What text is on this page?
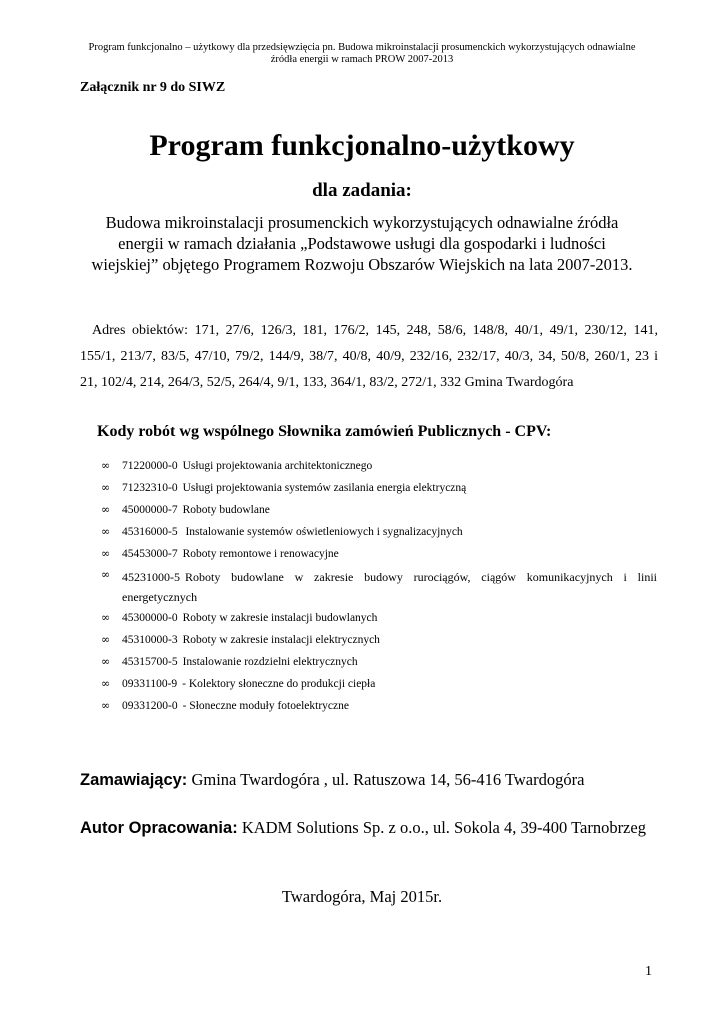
Program funkcjonalno – użytkowy dla przedsięwzięcia pn. Budowa mikroinstalacji prosumenckich wykorzystujących odnawialne
źródła energii w ramach PROW 2007-2013
Załącznik nr 9 do SIWZ
Program funkcjonalno-użytkowy
dla zadania:
Budowa mikroinstalacji prosumenckich wykorzystujących odnawialne źródła
energii w ramach działania „Podstawowe usługi dla gospodarki i ludności
wiejskiej” objętego Programem Rozwoju Obszarów Wiejskich na lata 2007-2013.
Adres obiektów: 171, 27/6, 126/3, 181, 176/2, 145, 248, 58/6, 148/8, 40/1, 49/1, 230/12, 141,
155/1, 213/7, 83/5, 47/10, 79/2, 144/9, 38/7, 40/8, 40/9, 232/16, 232/17, 40/3, 34, 50/8, 260/1, 23 i
21, 102/4, 214, 264/3, 52/5, 264/4, 9/1, 133, 364/1, 83/2, 272/1, 332 Gmina Twardogóra
Kody robót wg wspólnego Słownika zamówień Publicznych - CPV:
∞ 71220000-0 Usługi projektowania architektonicznego
∞ 71232310-0 Usługi projektowania systemów zasilania energia elektryczną
∞ 45000000-7 Roboty budowlane
∞ 45316000-5 Instalowanie systemów oświetleniowych i sygnalizacyjnych
∞ 45453000-7 Roboty remontowe i renowacyjne
∞ 45231000-5 Roboty budowlane w zakresie budowy rurociągów, ciągów komunikacyjnych i linii energetycznych
∞ 45300000-0 Roboty w zakresie instalacji budowlanych
∞ 45310000-3 Roboty w zakresie instalacji elektrycznych
∞ 45315700-5 Instalowanie rozdzielni elektrycznych
∞ 09331100-9 - Kolektory słoneczne do produkcji ciepła
∞ 09331200-0 - Słoneczne moduły fotoelektryczne
Zamawiający: Gmina Twardogóra , ul. Ratuszowa 14, 56-416 Twardogóra
Autor Opracowania: KADM Solutions Sp. z o.o., ul. Sokola 4, 39-400 Tarnobrzeg
Twardogóra, Maj 2015r.
1
